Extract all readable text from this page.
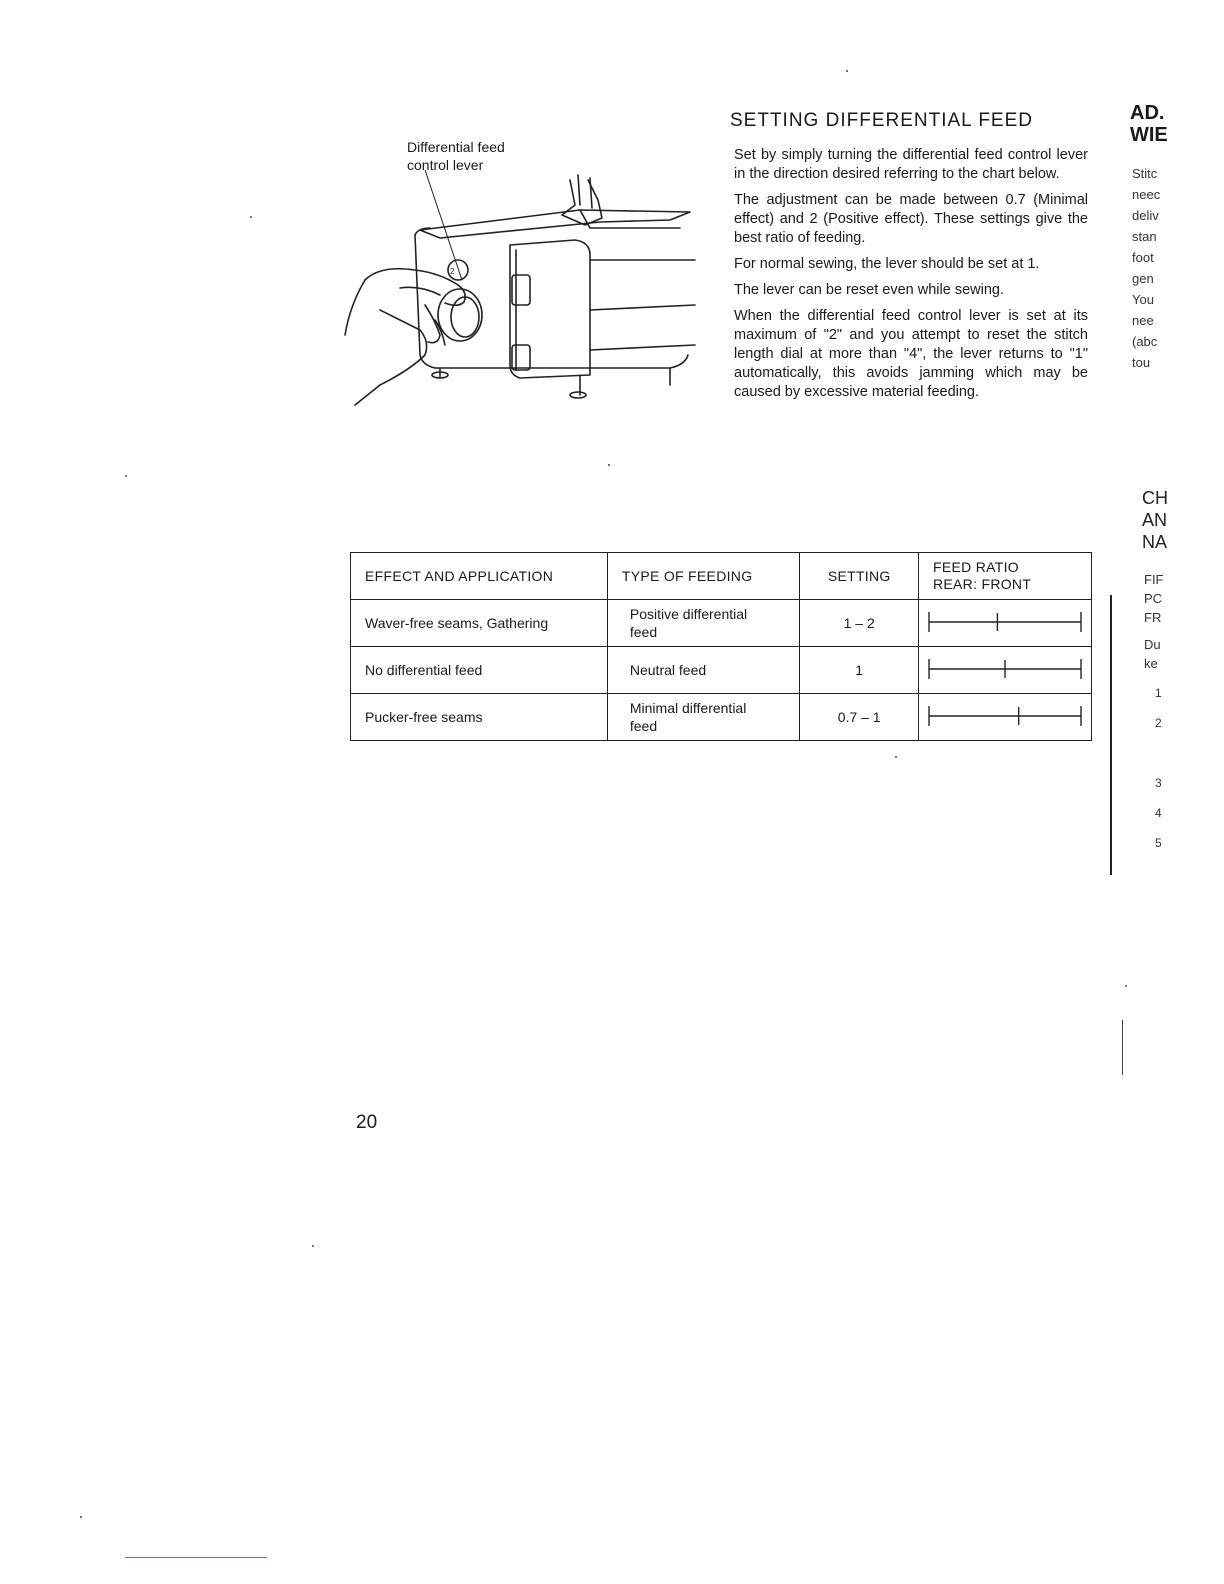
Differential feed
control lever
2
SETTING DIFFERENTIAL FEED

Set by simply turning the differential feed control lever in the direction desired referring to the chart below.

The adjustment can be made between 0.7 (Minimal effect) and 2 (Positive effect). These settings give the best ratio of feeding.

For normal sewing, the lever should be set at 1.

The lever can be reset even while sewing.

When the differential feed control lever is set at its maximum of "2" and you attempt to reset the stitch length dial at more than "4", the lever returns to "1" automatically, this avoids jamming which may be caused by excessive material feeding.

AD.
WIE
Stitc
neec
deliv
stan
foot
gen
You
nee
(abc
tou
CH
AN
NA
FIF
PC
FR
Du
ke
1
2
3
4
5
EFFECT AND APPLICATION	TYPE OF FEEDING	SETTING	FEED RATIO
REAR: FRONT

Waver-free seams, Gathering	Positive differential
feed	1 – 2	
No differential feed	Neutral feed	1	
Pucker-free seams	Minimal differential
feed	0.7 – 1	
20
